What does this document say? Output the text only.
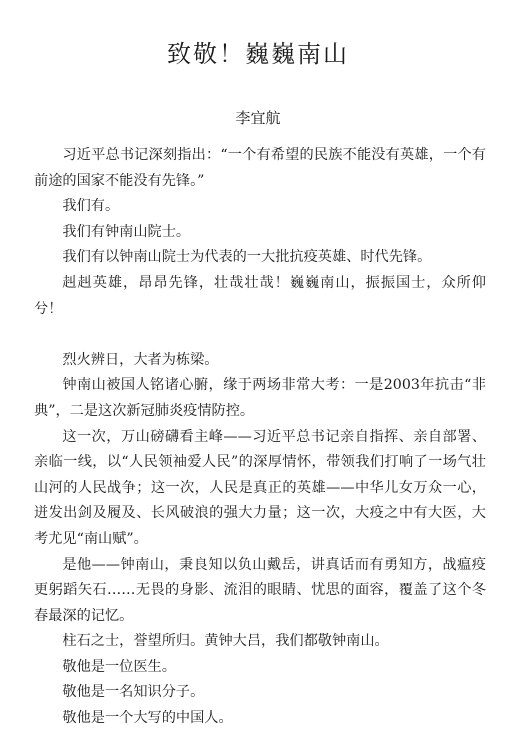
致敬！巍巍南山
李宜航

习近平总书记深刻指出：“一个有希望的民族不能没有英雄，一个有前途的国家不能没有先锋。”

我们有。

我们有钟南山院士。

我们有以钟南山院士为代表的一大批抗疫英雄、时代先锋。

赳赳英雄，昂昂先锋，壮哉壮哉！巍巍南山，振振国士，众所仰兮！

烈火辨日，大者为栋梁。

钟南山被国人铭诸心腑，缘于两场非常大考：一是2003年抗击“非典”，二是这次新冠肺炎疫情防控。

这一次，万山磅礴看主峰——习近平总书记亲自指挥、亲自部署、亲临一线，以“人民领袖爱人民”的深厚情怀，带领我们打响了一场气壮山河的人民战争；这一次，人民是真正的英雄——中华儿女万众一心，迸发出剑及履及、长风破浪的强大力量；这一次，大疫之中有大医，大考尤见“南山赋”。

是他——钟南山，秉良知以负山戴岳，讲真话而有勇知方，战瘟疫更躬蹈矢石……无畏的身影、流泪的眼睛、忧思的面容，覆盖了这个冬春最深的记忆。

柱石之士，誉望所归。黄钟大吕，我们都敬钟南山。

敬他是一位医生。

敬他是一名知识分子。

敬他是一个大写的中国人。
